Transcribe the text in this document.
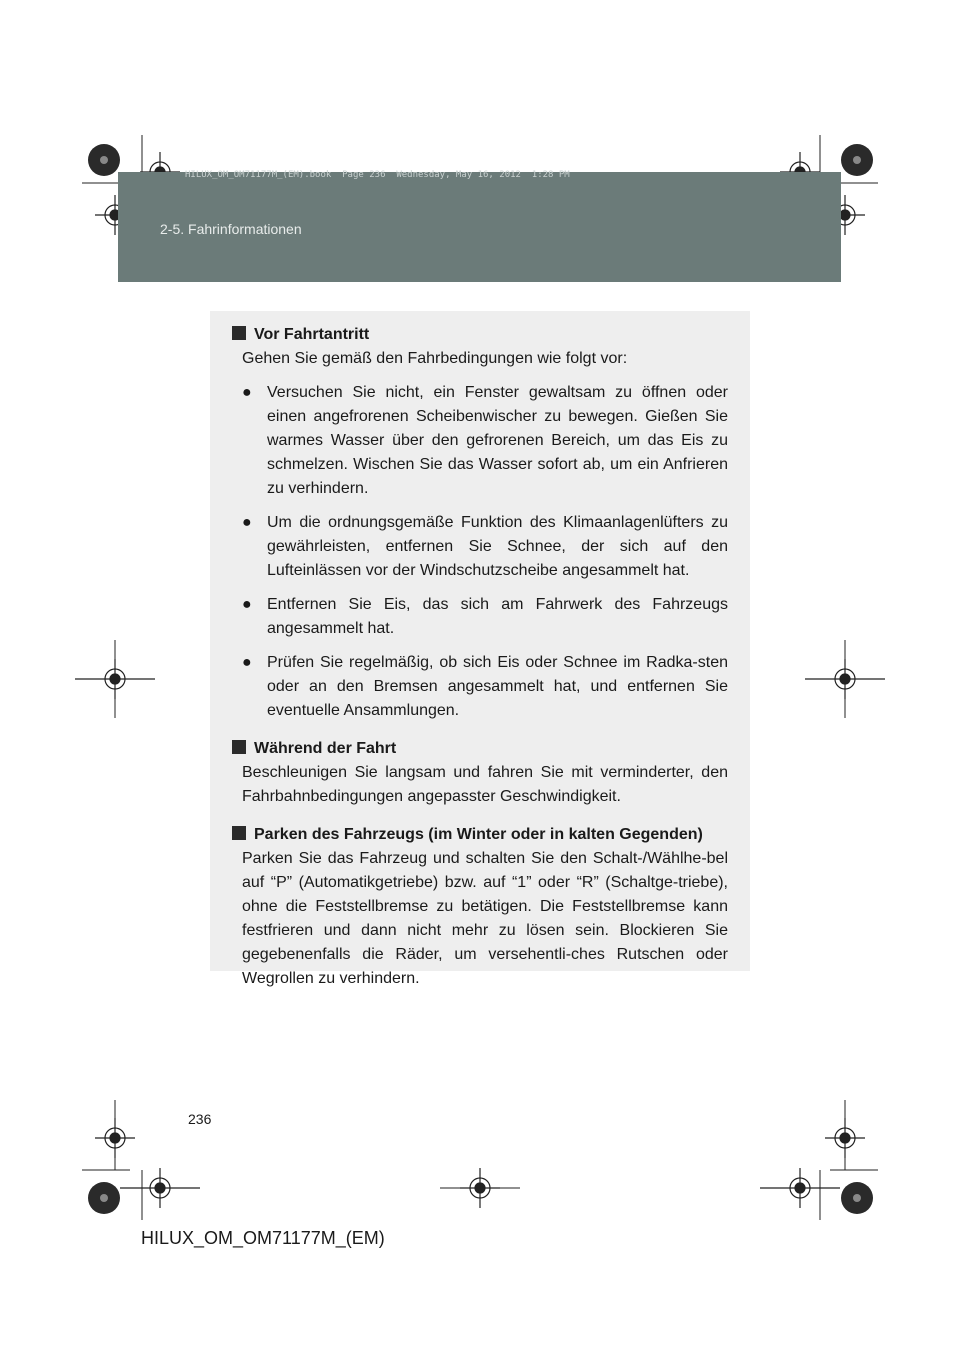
HILUX_OM_OM71177M_(EM).book  Page 236  Wednesday, May 16, 2012  1:28 PM
2-5. Fahrinformationen
Vor Fahrtantritt
Gehen Sie gemäß den Fahrbedingungen wie folgt vor:
● Versuchen Sie nicht, ein Fenster gewaltsam zu öffnen oder einen angefrorenen Scheibenwischer zu bewegen. Gießen Sie warmes Wasser über den gefrorenen Bereich, um das Eis zu schmelzen. Wischen Sie das Wasser sofort ab, um ein Anfrieren zu verhindern.
● Um die ordnungsgemäße Funktion des Klimaanlagenlüfters zu gewährleisten, entfernen Sie Schnee, der sich auf den Lufteinlässen vor der Windschutzscheibe angesammelt hat.
● Entfernen Sie Eis, das sich am Fahrwerk des Fahrzeugs angesammelt hat.
● Prüfen Sie regelmäßig, ob sich Eis oder Schnee im Radka-sten oder an den Bremsen angesammelt hat, und entfernen Sie eventuelle Ansammlungen.
Während der Fahrt
Beschleunigen Sie langsam und fahren Sie mit verminderter, den Fahrbahnbedingungen angepasster Geschwindigkeit.
Parken des Fahrzeugs (im Winter oder in kalten Gegenden)
Parken Sie das Fahrzeug und schalten Sie den Schalt-/Wählhe-bel auf “P” (Automatikgetriebe) bzw. auf “1” oder “R” (Schaltge-triebe), ohne die Feststellbremse zu betätigen. Die Feststellbremse kann festfrieren und dann nicht mehr zu lösen sein. Blockieren Sie gegebenenfalls die Räder, um versehentli-ches Rutschen oder Wegrollen zu verhindern.
236
HILUX_OM_OM71177M_(EM)
